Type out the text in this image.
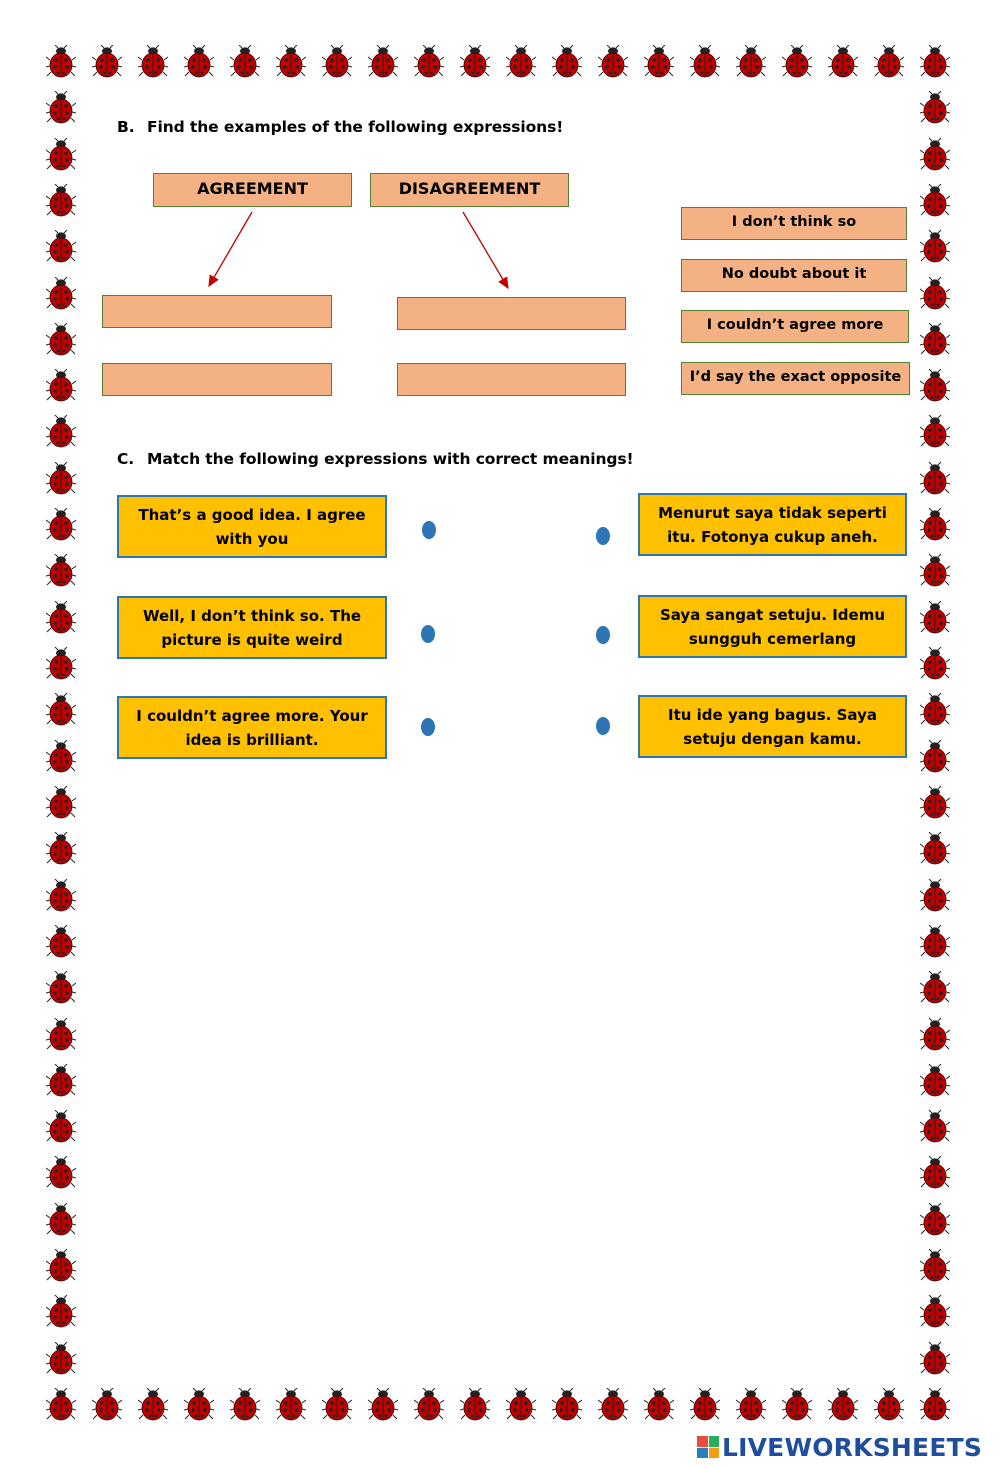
B. Find the examples of the following expressions!
AGREEMENT	DISAGREEMENT
I don’t think so
No doubt about it
I couldn’t agree more
I’d say the exact opposite
C. Match the following expressions with correct meanings!
That’s a good idea. I agree
with you
Well, I don’t think so. The
picture is quite weird
I couldn’t agree more. Your
idea is brilliant.
Menurut saya tidak seperti
itu. Fotonya cukup aneh.
Saya sangat setuju. Idemu
sungguh cemerlang
Itu ide yang bagus. Saya
setuju dengan kamu.
LIVEWORKSHEETS
